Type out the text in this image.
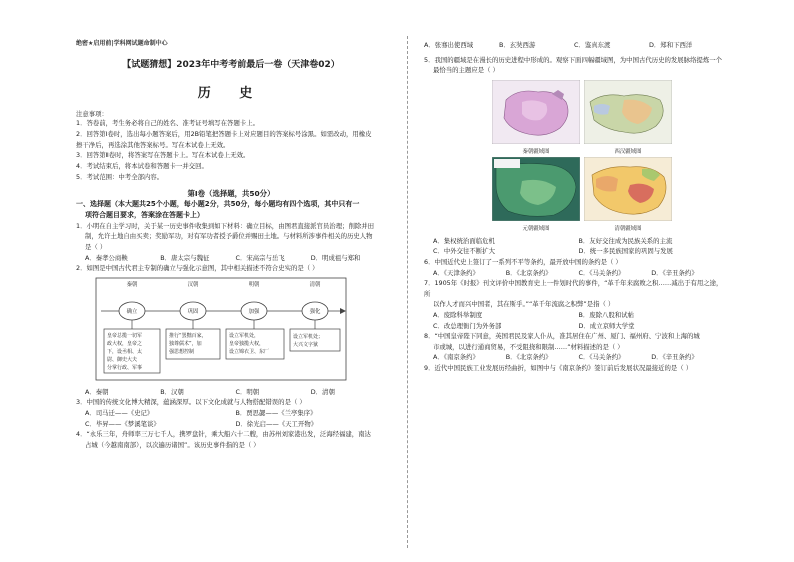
绝密★启用前|学科网试题命制中心
【试题猜想】2023年中考考前最后一卷（天津卷02）
历 史
注意事项：
1．答卷前，考生务必将自己的姓名、准考证号填写在答题卡上。
2．回答第Ⅰ卷时，选出每小题答案后，用2B铅笔把答题卡上对应题目的答案标号涂黑。如需改动，用橡皮
擦干净后，再选涂其他答案标号。写在本试卷上无效。
3．回答第Ⅱ卷时，将答案写在答题卡上。写在本试卷上无效。
4．考试结束后，将本试卷和答题卡一并交回。
5．考试范围：中考全部内容。
第Ⅰ卷（选择题，共50分）
一、选择题（本大题共25个小题，每小题2分，共50分，每小题均有四个选项，其中只有一
项符合题目要求，答案涂在答题卡上）
1．小明在自主学习时，关于某一历史事件收集到如下材料：确立目标，由图君直接派官员治理；削除并田
制，允许土地自由买卖；奖励军功，对有军功者授予爵位并赐田土地。与材料所涉事件相关的历史人物
是（ ）
A．秦孝公商鞅	B．唐太宗与魏征	C．宋高宗与岳飞	D．明成祖与郑和
2．如图是中国古代君主专制的确立与强化示意图，其中相关描述不符合史实的是（ ）
秦朝	汉朝	明朝	清朝
确立	巩固	加强	强化
皇帝总揽一切军
政大权，皇帝之
下，设丞相、太
尉、御史大夫
分掌行政、军事
推行“罢黜百家，
独尊儒术”，加
强思想控制
设立军机处，
皇帝独揽大权，
设立锦衣卫、东厂
设立军机处；
大兴文字狱
A．秦朝	B．汉朝	C．明朝	D．清朝
3．中国的传统文化博大精深，蕴涵深厚。以下文化成就与人物搭配错误的是（ ）
A．司马迁——《史记》	B．贾思勰——《兰亭集序》
C．毕昇——《梦溪笔谈》	D．徐光启——《天工开物》
4．“永乐三年，舟师率三万七千人，携罗盘针，乘大船六十二艘，由苏州刘家港出发，泛海经福建，南达
占城（今越南南部），以次遍历诸国”。该历史事件指的是（ ）
A．张骞出使西域	B．玄奘西游	C．鉴真东渡	D．郑和下西洋
5．我国的疆域是在漫长的历史进程中形成的。观察下面四幅疆域图，为中国古代历史的发展脉络提炼一个
最恰当的主题应是（ ）
秦朝疆域图	西汉疆域图
元朝疆域图	清朝疆域图
A．集权统治面临危机	B．友好交往成为民族关系的主流
C．中外交往不断扩大	D．统一多民族国家的巩固与发展
6．中国近代史上签订了一系列不平等条约，最开放中国的条约是（ ）
A．《天津条约》	B．《北京条约》	C．《马关条约》	D．《辛丑条约》
7．1905年《时报》刊文评价中国教育史上一件划时代的事件，“革千年来腐败之积……减出于有用之途，所
以作人才而兴中国者，其在斯乎。”“革千年流腐之积弊”是指（ ）
A．废除科举制度	B．废除八股和试帖
C．改总理衙门为外务部	D．成立京师大学堂
8．“中国皇帝陛下同意，英国君民及家人仆从，准其居住在广州、厦门、福州府、宁波和上海的城
市或城，以进行通商贸易，不受阻挠和限制……”材料描述的是（ ）
A．《南京条约》	B．《北京条约》	C．《马关条约》	D．《辛丑条约》
9．近代中国民族工业发展历经曲折，如图中与《南京条约》签订前后发展状况最接近的是（ ）
